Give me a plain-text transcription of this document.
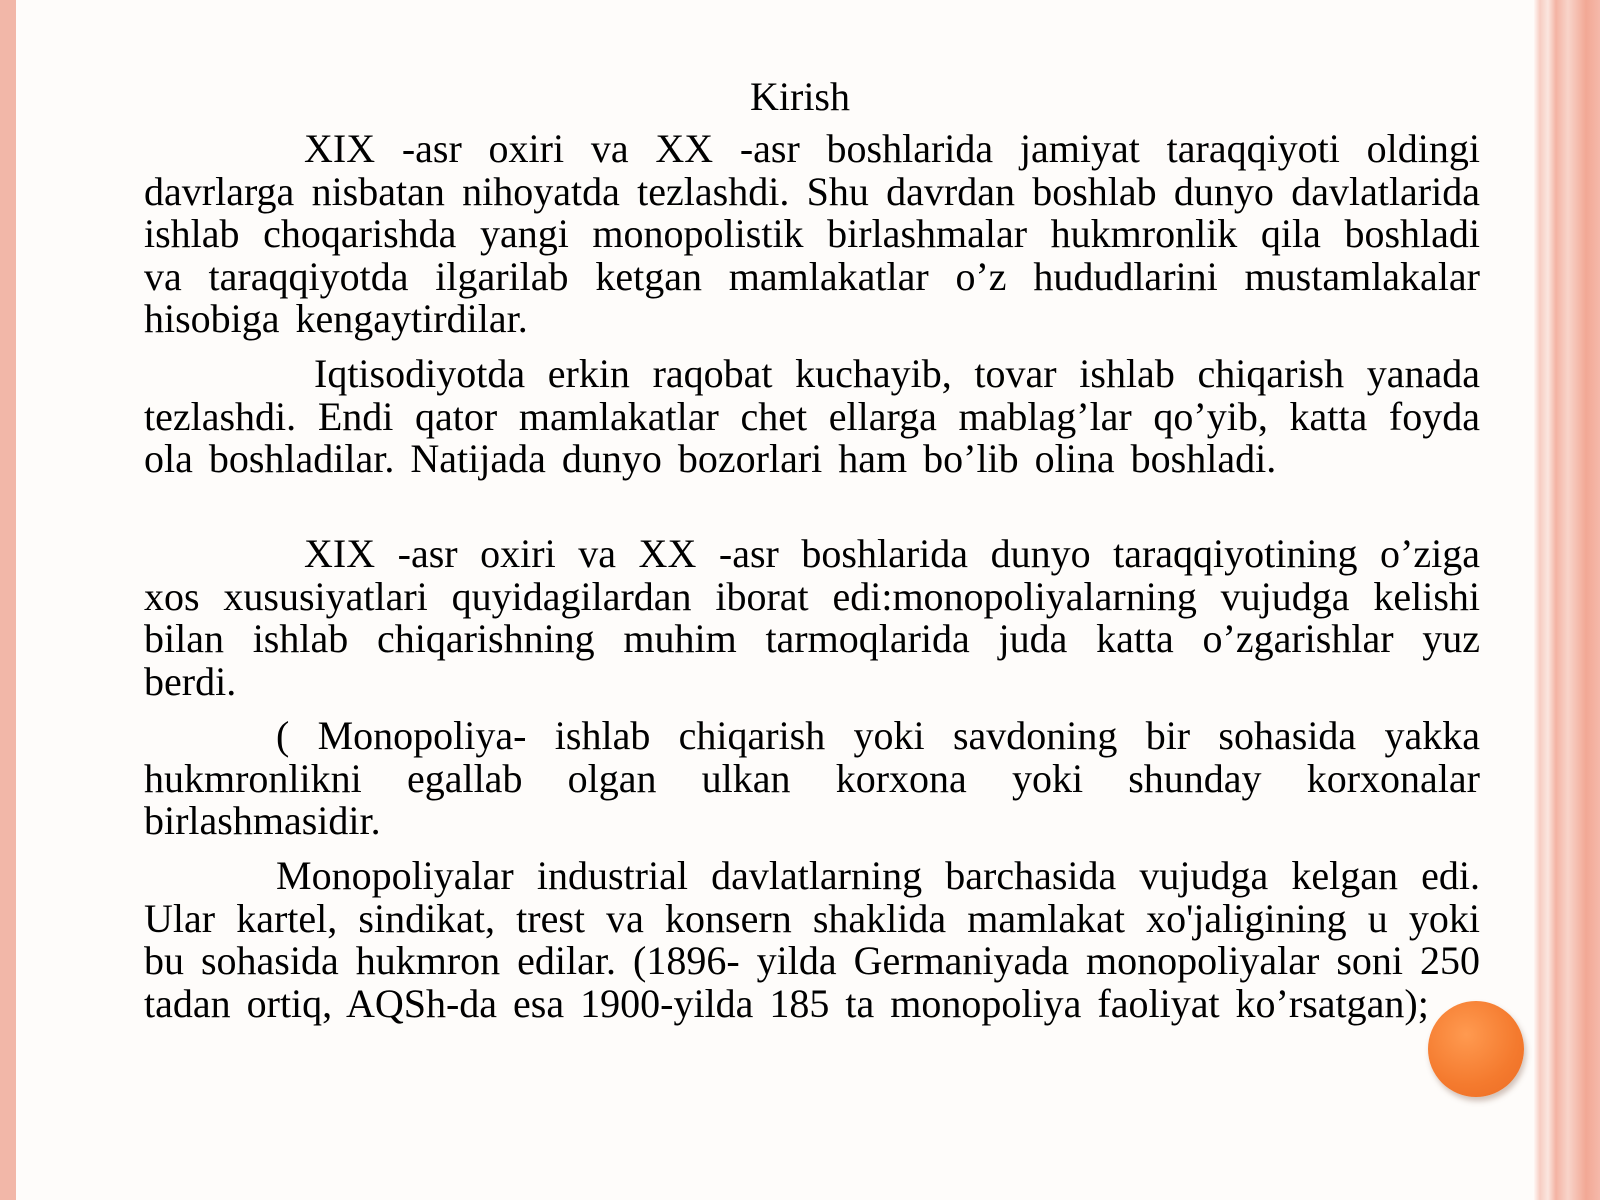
Kirish

XIX -asr oxiri va XX -asr boshlarida jamiyat taraqqiyoti oldingi davrlarga nisbatan nihoyatda tezlashdi. Shu davrdan boshlab dunyo davlatlarida ishlab choqarishda yangi monopolistik birlashmalar hukmronlik qila boshladi va taraqqiyotda ilgarilab ketgan mamlakatlar o’z hududlarini mustamlakalar hisobiga kengaytirdilar.

Iqtisodiyotda erkin raqobat kuchayib, tovar ishlab chiqarish yanada tezlashdi. Endi qator mamlakatlar chet ellarga mablag’lar qo’yib, katta foyda ola boshladilar. Natijada dunyo bozorlari ham bo’lib olina boshladi.

XIX -asr oxiri va XX -asr boshlarida dunyo taraqqiyotining o’ziga xos xususiyatlari quyidagilardan iborat edi:monopoliyalarning vujudga kelishi bilan ishlab chiqarishning muhim tarmoqlarida juda katta o’zgarishlar yuz berdi.

( Monopoliya- ishlab chiqarish yoki savdoning bir sohasida yakka hukmronlikni egallab olgan ulkan korxona yoki shunday korxonalar birlashmasidir.

Monopoliyalar industrial davlatlarning barchasida vujudga kelgan edi. Ular kartel, sindikat, trest va konsern shaklida mamlakat xo'jaligining u yoki bu sohasida hukmron edilar. (1896- yilda Germaniyada monopoliyalar soni 250 tadan ortiq, AQSh-da esa 1900-yilda 185 ta monopoliya faoliyat ko’rsatgan);
